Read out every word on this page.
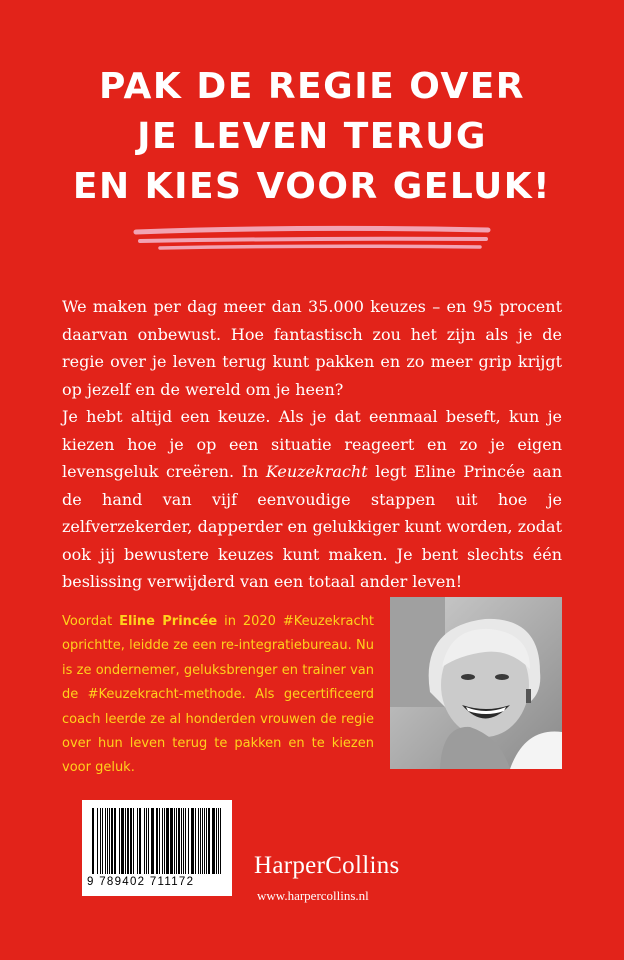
PAK DE REGIE OVER
JE LEVEN TERUG
EN KIES VOOR GELUK!

We maken per dag meer dan 35.000 keuzes – en 95 procent daarvan onbewust. Hoe fantastisch zou het zijn als je de regie over je leven terug kunt pakken en zo meer grip krijgt op jezelf en de wereld om je heen?

Je hebt altijd een keuze. Als je dat eenmaal beseft, kun je kiezen hoe je op een situatie reageert en zo je eigen levensgeluk creëren. In Keuzekracht legt Eline Princée aan de hand van vijf eenvoudige stappen uit hoe je zelfverzekerder, dapperder en gelukkiger kunt worden, zodat ook jij bewustere keuzes kunt maken. Je bent slechts één beslissing verwijderd van een totaal ander leven!

Voordat Eline Princée in 2020 #Keuzekracht oprichtte, leidde ze een re-integratiebureau. Nu is ze ondernemer, geluksbrenger en trainer van de #Keuzekracht-methode. Als gecertificeerd coach leerde ze al honderden vrouwen de regie over hun leven terug te pakken en te kiezen voor geluk.

9 789402 711172
HarperCollins
www.harpercollins.nl
